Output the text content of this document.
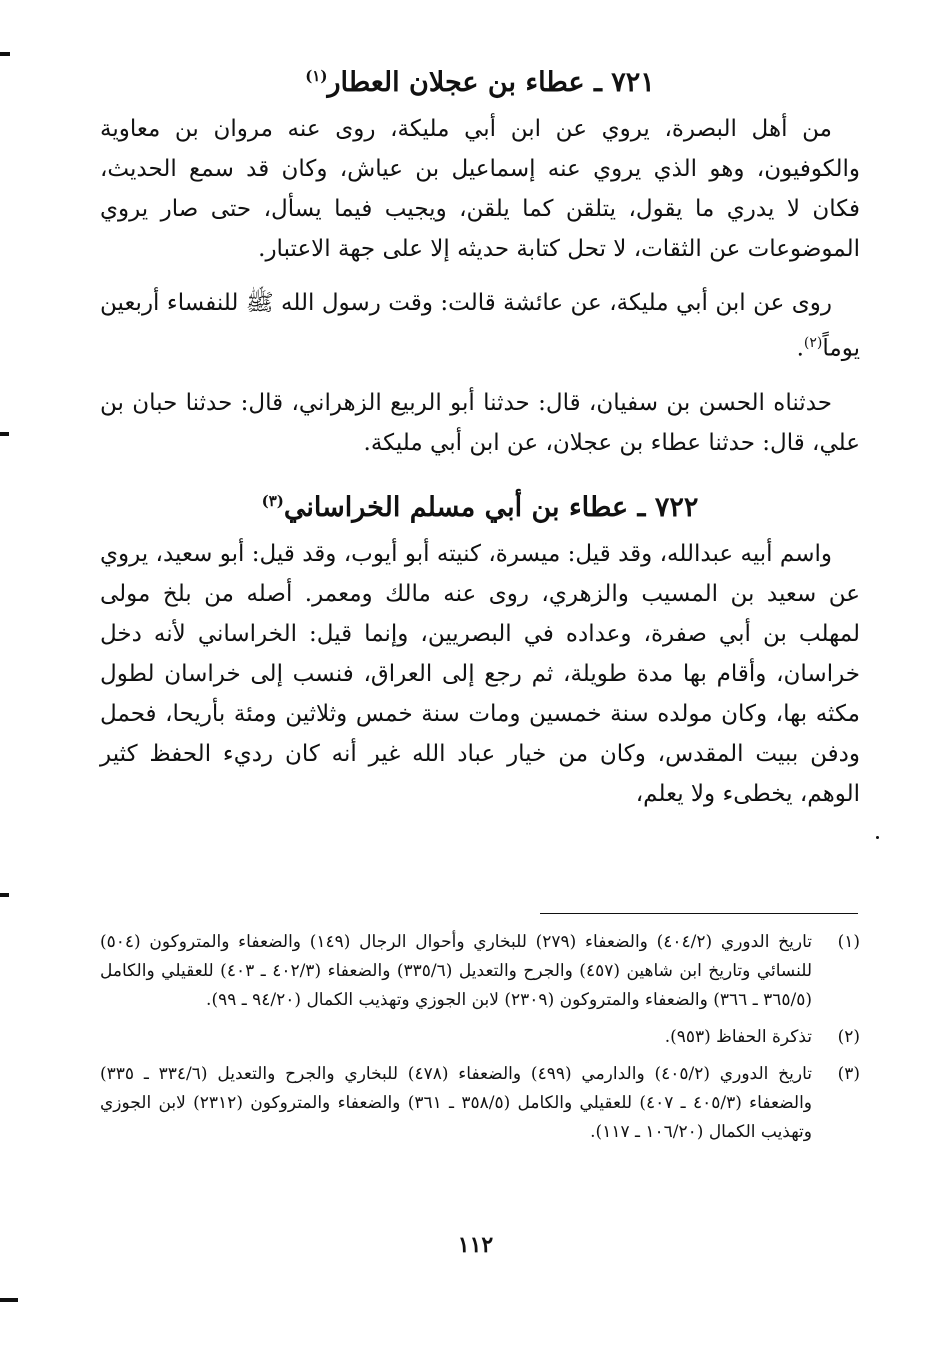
٧٢١ ـ عطاء بن عجلان العطار$^{(١)}$

من أهل البصرة، يروي عن ابن أبي مليكة، روى عنه مروان بن معاوية والكوفيون، وهو الذي يروي عنه إسماعيل بن عياش، وكان قد سمع الحديث، فكان لا يدري ما يقول، يتلقن كما يلقن، ويجيب فيما يسأل، حتى صار يروي الموضوعات عن الثقات، لا تحل كتابة حديثه إلا على جهة الاعتبار.

روى عن ابن أبي مليكة، عن عائشة قالت: وقت رسول الله ﷺ للنفساء أربعين يوماً$^{(٢)}$.

حدثناه الحسن بن سفيان، قال: حدثنا أبو الربيع الزهراني، قال: حدثنا حبان بن علي، قال: حدثنا عطاء بن عجلان، عن ابن أبي مليكة.

٧٢٢ ـ عطاء بن أبي مسلم الخراساني$^{(٣)}$

واسم أبيه عبدالله، وقد قيل: ميسرة، كنيته أبو أيوب، وقد قيل: أبو سعيد، يروي عن سعيد بن المسيب والزهري، روى عنه مالك ومعمر. أصله من بلخ مولى لمهلب بن أبي صفرة، وعداده في البصريين، وإنما قيل: الخراساني لأنه دخل خراسان، وأقام بها مدة طويلة، ثم رجع إلى العراق، فنسب إلى خراسان لطول مكثه بها، وكان مولده سنة خمسين ومات سنة خمس وثلاثين ومئة بأريحا، فحمل ودفن ببيت المقدس، وكان من خيار عباد الله غير أنه كان رديء الحفظ كثير الوهم، يخطىء ولا يعلم،

(١)
تاريخ الدوري (٤٠٤/٢) والضعفاء (٢٧٩) للبخاري وأحوال الرجال (١٤٩) والضعفاء والمتروكون (٥٠٤) للنسائي وتاريخ ابن شاهين (٤٥٧) والجرح والتعديل (٣٣٥/٦) والضعفاء (٤٠٢/٣ ـ ٤٠٣) للعقيلي والكامل (٣٦٥/٥ ـ ٣٦٦) والضعفاء والمتروكون (٢٣٠٩) لابن الجوزي وتهذيب الكمال (٩٤/٢٠ ـ ٩٩).
(٢)
تذكرة الحفاظ (٩٥٣).
(٣)
تاريخ الدوري (٤٠٥/٢) والدارمي (٤٩٩) والضعفاء (٤٧٨) للبخاري والجرح والتعديل (٣٣٤/٦ ـ ٣٣٥) والضعفاء (٤٠٥/٣ ـ ٤٠٧) للعقيلي والكامل (٣٥٨/٥ ـ ٣٦١) والضعفاء والمتروكون (٢٣١٢) لابن الجوزي وتهذيب الكمال (١٠٦/٢٠ ـ ١١٧).
١١٢
